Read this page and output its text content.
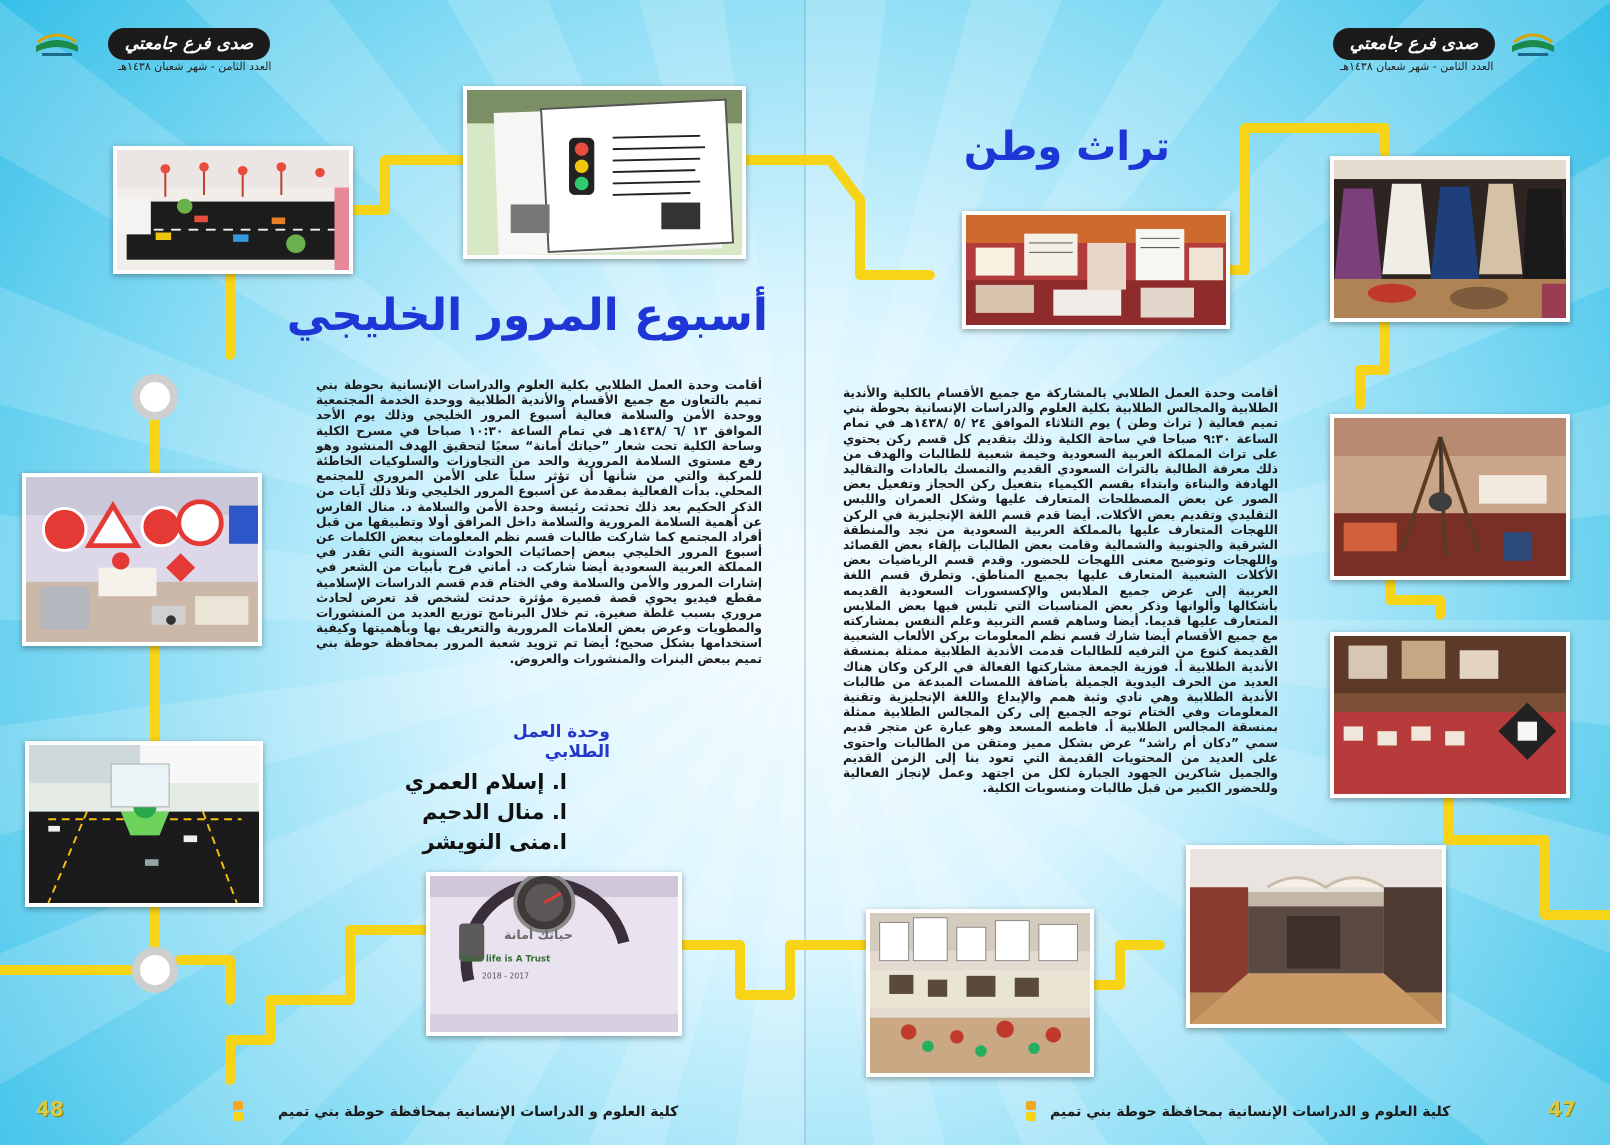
صدى فرع جامعتي
العدد الثامن - شهر شعبان ١٤٣٨هـ
صدى فرع جامعتي
العدد الثامن - شهر شعبان ١٤٣٨هـ
أسبوع المرور الخليجي

أقامت وحدة العمل الطلابي بكلية العلوم والدراسات الإنسانية بحوطة بني تميم بالتعاون مع جميع الأقسام والأندية الطلابية ووحدة الخدمة المجتمعية ووحدة الأمن والسلامة فعالية أسبوع المرور الخليجي وذلك يوم الأحد الموافق ١٣ /٦ /١٤٣٨هـ في تمام الساعة ١٠:٣٠ صباحا في مسرح الكلية وساحة الكلية تحت شعار ”حياتك أمانة“ سعيًا لتحقيق الهدف المنشود وهو رفع مستوى السلامة المرورية والحد من التجاوزات والسلوكيات الخاطئة للمركبة والتي من شأنها أن تؤثر سلباً على الأمن المروري للمجتمع المحلي. بدأت الفعالية بمقدمة عن أسبوع المرور الخليجي وتلا ذلك آيات من الذكر الحكيم بعد ذلك تحدثت رئيسة وحدة الأمن والسلامة د. منال الفارس عن أهمية السلامة المرورية والسلامة داخل المرافق أولا وتطبيقها من قبل أفراد المجتمع كما شاركت طالبات قسم نظم المعلومات ببعض الكلمات عن أسبوع المرور الخليجي ببعض إحصائيات الحوادث السنوية التي تقدر في المملكة العربية السعودية أيضا شاركت د. أماني فرح بأبيات من الشعر في إشارات المرور والأمن والسلامة وفي الختام قدم قسم الدراسات الإسلامية مقطع فيديو يحوي قصة قصيرة مؤثرة حدثت لشخص قد تعرض لحادث مروري بسبب غلطة صغيرة. تم خلال البرنامج توزيع العديد من المنشورات والمطويات وعرض بعض العلامات المرورية والتعريف بها وبأهميتها وكيفية استخدامها بشكل صحيح؛ أيضا تم تزويد شعبة المرور بمحافظة حوطة بني تميم ببعض البنرات والمنشورات والعروض.

حياتك أمانة
Your life is A Trust
2018 - 2017
وحدة العمل الطلابي
ا. إسلام العمري
ا. منال الدحيم
ا.منى النويشر
48	كلية العلوم و الدراسات الإنسانية بمحافظة حوطة بني تميم
تراث وطن

أقامت وحدة العمل الطلابي بالمشاركة مع جميع الأقسام بالكلية والأندية الطلابية والمجالس الطلابية بكلية العلوم والدراسات الإنسانية بحوطة بني تميم فعالية ( تراث وطن ) يوم الثلاثاء الموافق ٢٤ /٥ /١٤٣٨هـ في تمام الساعة ٩:٣٠ صباحا في ساحة الكلية وذلك بتقديم كل قسم ركن يحتوي على تراث المملكة العربية السعودية وخيمة شعبية للطالبات والهدف من ذلك معرفة الطالبة بالتراث السعودي القديم والتمسك بالعادات والتقاليد الهادفة والبناءة وابتداء بقسم الكيمياء بتفعيل ركن الحجاز وتفعيل بعض الصور عن بعض المصطلحات المتعارف عليها وشكل العمران واللبس التقليدي وتقديم بعض الأكلات. أيضا قدم قسم اللغة الإنجليزية في الركن اللهجات المتعارف عليها بالمملكة العربية السعودية من نجد والمنطقة الشرقية والجنوبية والشمالية وقامت بعض الطالبات بإلقاء بعض القصائد واللهجات وتوضيح معنى اللهجات للحضور. وقدم قسم الرياضيات بعض الأكلات الشعبية المتعارف عليها بجميع المناطق. وتطرق قسم اللغة العربية إلى عرض جميع الملابس والإكسسورات السعودية القديمه بأشكالها وألوانها وذكر بعض المناسبات التي تلبس فيها بعض الملابس المتعارف عليها قديما. أيضا وساهم قسم التربية وعلم النفس بمشاركته مع جميع الأقسام أيضا شارك قسم نظم المعلومات بركن الألعاب الشعبية القديمة كنوع من الترفيه للطالبات قدمت الأندية الطلابية ممثلة بمنسقة الأندية الطلابية أ. فوزية الجمعة مشاركتها الفعالة في الركن وكان هناك العديد من الحرف اليدوية الجميلة بأضافة اللمسات المبدعة من طالبات الأندية الطلابية وهي نادي وثبة همم والإبداع واللغة الإنجليزية وتقنية المعلومات وفي الختام توجه الجميع إلى ركن المجالس الطلابية ممثلة بمنسقة المجالس الطلابية أ. فاطمه المسعد وهو عبارة عن متجر قديم سمي ”دكان أم راشد“ عرض بشكل مميز ومتقن من الطالبات واحتوى على العديد من المحتويات القديمة التي تعود بنا إلى الزمن القديم والجميل شاكرين الجهود الجبارة لكل من اجتهد وعمل لإنجاز الفعالية وللحضور الكبير من قبل طالبات ومنسوبات الكلية.

كلية العلوم و الدراسات الإنسانية بمحافظة حوطة بني تميم	47
